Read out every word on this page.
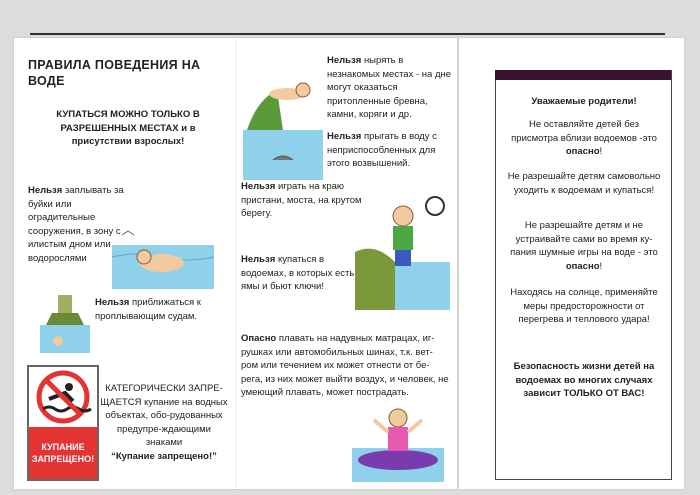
ПРАВИЛА ПОВЕДЕНИЯ НА ВОДЕ
КУПАТЬСЯ МОЖНО ТОЛЬКО В РАЗРЕШЕННЫХ МЕСТАХ и в присутствии взрослых!
Нельзя заплывать за буйки или оградительные сооружения, в зону с илистым дном или водорослями
Нельзя приближаться к проплывающим судам.
КУПАНИЕ ЗАПРЕЩЕНО!
КАТЕГОРИЧЕСКИ ЗАПРЕ-ЩАЕТСЯ купание на водных объектах, обо-рудованных предупре-ждающими знаками
“Купание запрещено!”
Нельзя нырять в незнакомых местах - на дне могут оказаться притопленные бревна, камни, коряги и др.
Нельзя прыгать в воду с неприспособленных для этого возвышений.
Нельзя играть на краю пристани, моста, на крутом берегу.
Нельзя купаться в водоемах, в которых есть ямы и бьют ключи!
Опасно плавать на надувных матрацах, иг-рушках или автомобильных шинах, т.к. вет-ром или течением их может отнести от бе-рега, из них может выйти воздух, и человек, не умеющий плавать, может пострадать.
Уважаемые родители!
Не оставляйте детей без присмотра вблизи водоемов -это опасно!
Не разрешайте детям самовольно уходить к водоемам и купаться!
Не разрешайте детям и не устраивайте сами во время ку-пания шумные игры на воде - это опасно!
Находясь на солнце, применяйте меры предосторожности от перегрева и теплового удара!
Безопасность жизни детей на водоемах во многих случаях зависит ТОЛЬКО ОТ ВАС!
